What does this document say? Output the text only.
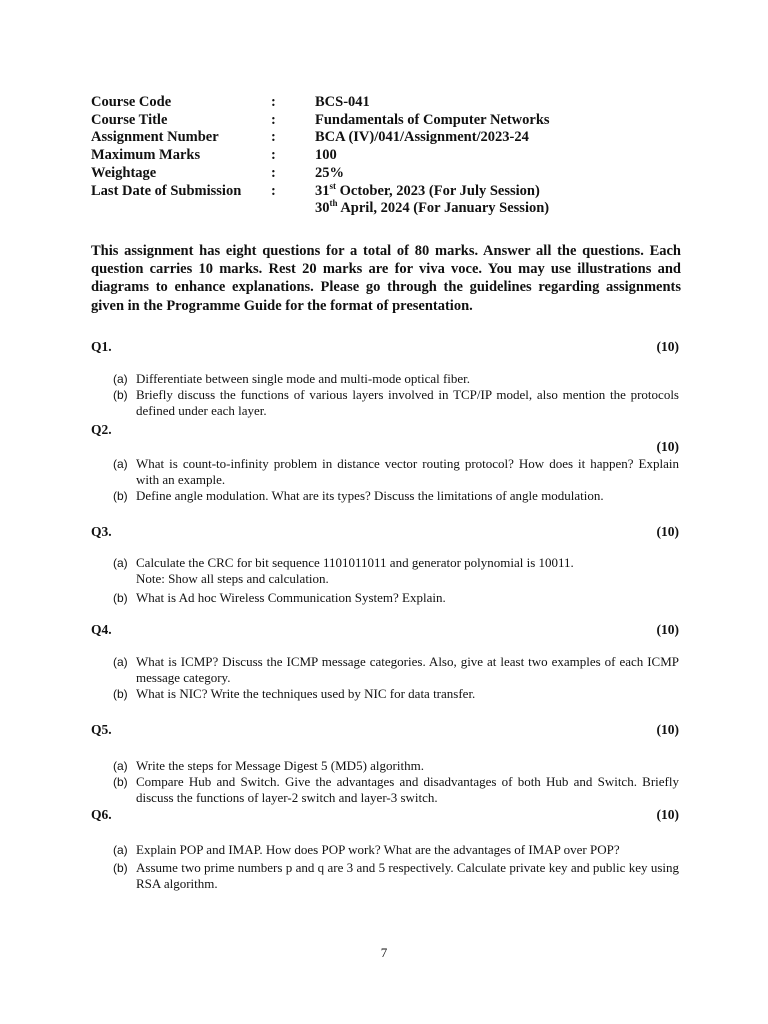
Course Code	:	BCS-041
Course Title	:	Fundamentals of Computer Networks
Assignment Number	:	BCA (IV)/041/Assignment/2023-24
Maximum Marks	:	100
Weightage	:	25%
Last Date of Submission	:	31st October, 2023 (For July Session)
30th April, 2024 (For January Session)
This assignment has eight questions for a total of 80 marks. Answer all the questions. Each question carries 10 marks. Rest 20 marks are for viva voce. You may use illustrations and diagrams to enhance explanations. Please go through the guidelines regarding assignments given in the Programme Guide for the format of presentation.
Q1.	(10)
(a) Differentiate between single mode and multi-mode optical fiber.
(b) Briefly discuss the functions of various layers involved in TCP/IP model, also mention the protocols defined under each layer.
Q2.
(10)
(a) What is count-to-infinity problem in distance vector routing protocol? How does it happen? Explain with an example.
(b) Define angle modulation. What are its types? Discuss the limitations of angle modulation.
Q3.	(10)
(a) Calculate the CRC for bit sequence 1101011011 and generator polynomial is 10011.
Note: Show all steps and calculation.
(b) What is Ad hoc Wireless Communication System? Explain.
Q4.	(10)
(a) What is ICMP? Discuss the ICMP message categories. Also, give at least two examples of each ICMP message category.
(b) What is NIC? Write the techniques used by NIC for data transfer.
Q5.	(10)
(a) Write the steps for Message Digest 5 (MD5) algorithm.
(b) Compare Hub and Switch. Give the advantages and disadvantages of both Hub and Switch. Briefly discuss the functions of layer-2 switch and layer-3 switch.
Q6.	(10)
(a) Explain POP and IMAP. How does POP work? What are the advantages of IMAP over POP?
(b) Assume two prime numbers p and q are 3 and 5 respectively. Calculate private key and public key using RSA algorithm.
7
